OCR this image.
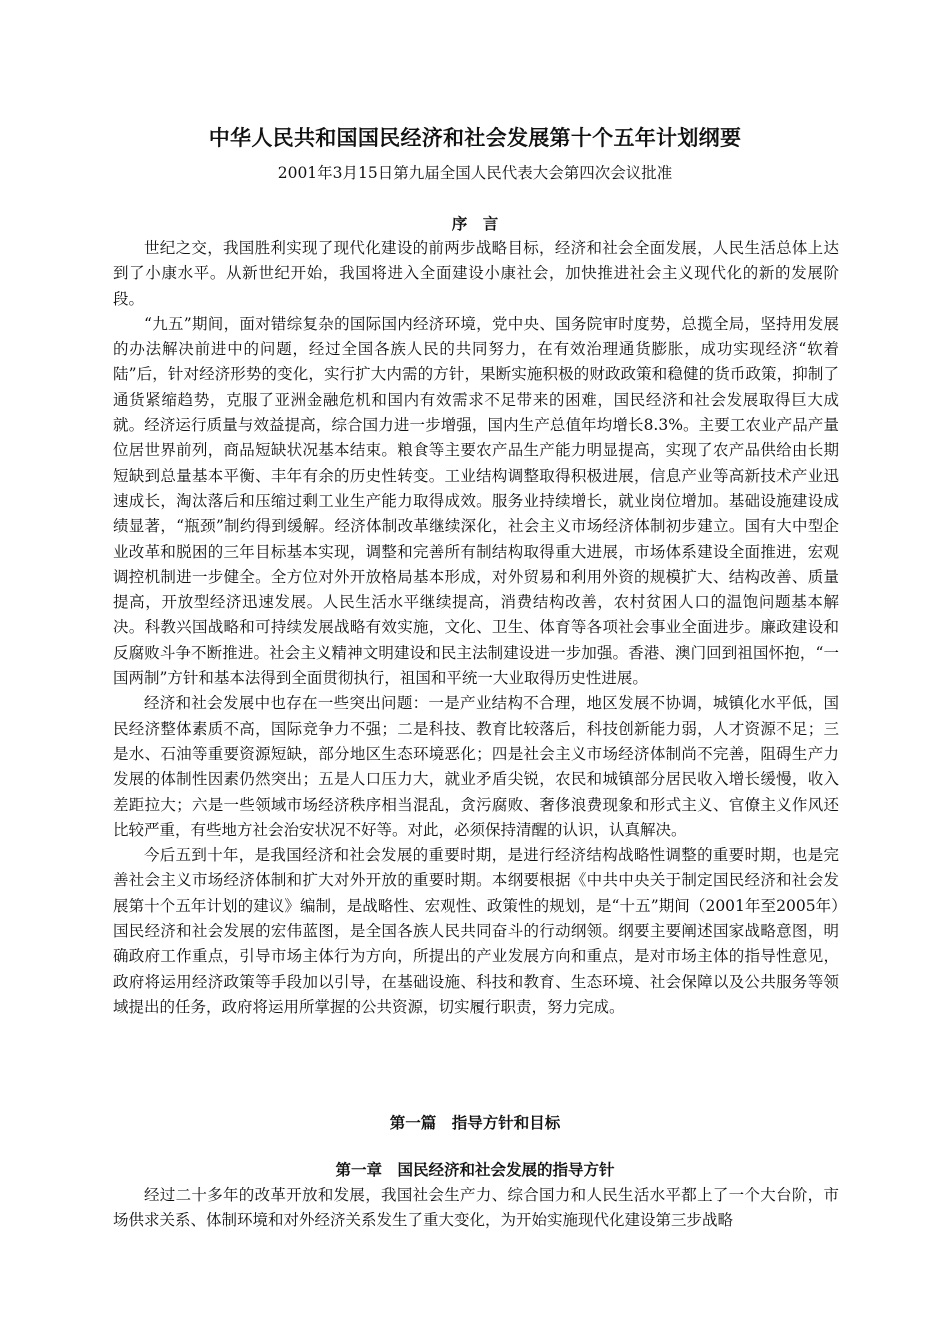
中华人民共和国国民经济和社会发展第十个五年计划纲要
2001年3月15日第九届全国人民代表大会第四次会议批准
序　言

世纪之交，我国胜利实现了现代化建设的前两步战略目标，经济和社会全面发展，人民生活总体上达到了小康水平。从新世纪开始，我国将进入全面建设小康社会，加快推进社会主义现代化的新的发展阶段。

“九五”期间，面对错综复杂的国际国内经济环境，党中央、国务院审时度势，总揽全局，坚持用发展的办法解决前进中的问题，经过全国各族人民的共同努力，在有效治理通货膨胀，成功实现经济“软着陆”后，针对经济形势的变化，实行扩大内需的方针，果断实施积极的财政政策和稳健的货币政策，抑制了通货紧缩趋势，克服了亚洲金融危机和国内有效需求不足带来的困难，国民经济和社会发展取得巨大成就。经济运行质量与效益提高，综合国力进一步增强，国内生产总值年均增长8.3%。主要工农业产品产量位居世界前列，商品短缺状况基本结束。粮食等主要农产品生产能力明显提高，实现了农产品供给由长期短缺到总量基本平衡、丰年有余的历史性转变。工业结构调整取得积极进展，信息产业等高新技术产业迅速成长，淘汰落后和压缩过剩工业生产能力取得成效。服务业持续增长，就业岗位增加。基础设施建设成绩显著，“瓶颈”制约得到缓解。经济体制改革继续深化，社会主义市场经济体制初步建立。国有大中型企业改革和脱困的三年目标基本实现，调整和完善所有制结构取得重大进展，市场体系建设全面推进，宏观调控机制进一步健全。全方位对外开放格局基本形成，对外贸易和利用外资的规模扩大、结构改善、质量提高，开放型经济迅速发展。人民生活水平继续提高，消费结构改善，农村贫困人口的温饱问题基本解决。科教兴国战略和可持续发展战略有效实施，文化、卫生、体育等各项社会事业全面进步。廉政建设和反腐败斗争不断推进。社会主义精神文明建设和民主法制建设进一步加强。香港、澳门回到祖国怀抱，“一国两制”方针和基本法得到全面贯彻执行，祖国和平统一大业取得历史性进展。

经济和社会发展中也存在一些突出问题：一是产业结构不合理，地区发展不协调，城镇化水平低，国民经济整体素质不高，国际竞争力不强；二是科技、教育比较落后，科技创新能力弱，人才资源不足；三是水、石油等重要资源短缺，部分地区生态环境恶化；四是社会主义市场经济体制尚不完善，阻碍生产力发展的体制性因素仍然突出；五是人口压力大，就业矛盾尖锐，农民和城镇部分居民收入增长缓慢，收入差距拉大；六是一些领域市场经济秩序相当混乱，贪污腐败、奢侈浪费现象和形式主义、官僚主义作风还比较严重，有些地方社会治安状况不好等。对此，必须保持清醒的认识，认真解决。

今后五到十年，是我国经济和社会发展的重要时期，是进行经济结构战略性调整的重要时期，也是完善社会主义市场经济体制和扩大对外开放的重要时期。本纲要根据《中共中央关于制定国民经济和社会发展第十个五年计划的建议》编制，是战略性、宏观性、政策性的规划，是“十五”期间（2001年至2005年）国民经济和社会发展的宏伟蓝图，是全国各族人民共同奋斗的行动纲领。纲要主要阐述国家战略意图，明确政府工作重点，引导市场主体行为方向，所提出的产业发展方向和重点，是对市场主体的指导性意见，政府将运用经济政策等手段加以引导，在基础设施、科技和教育、生态环境、社会保障以及公共服务等领域提出的任务，政府将运用所掌握的公共资源，切实履行职责，努力完成。

第一篇　指导方针和目标
第一章　国民经济和社会发展的指导方针

经过二十多年的改革开放和发展，我国社会生产力、综合国力和人民生活水平都上了一个大台阶，市场供求关系、体制环境和对外经济关系发生了重大变化，为开始实施现代化建设第三步战略
